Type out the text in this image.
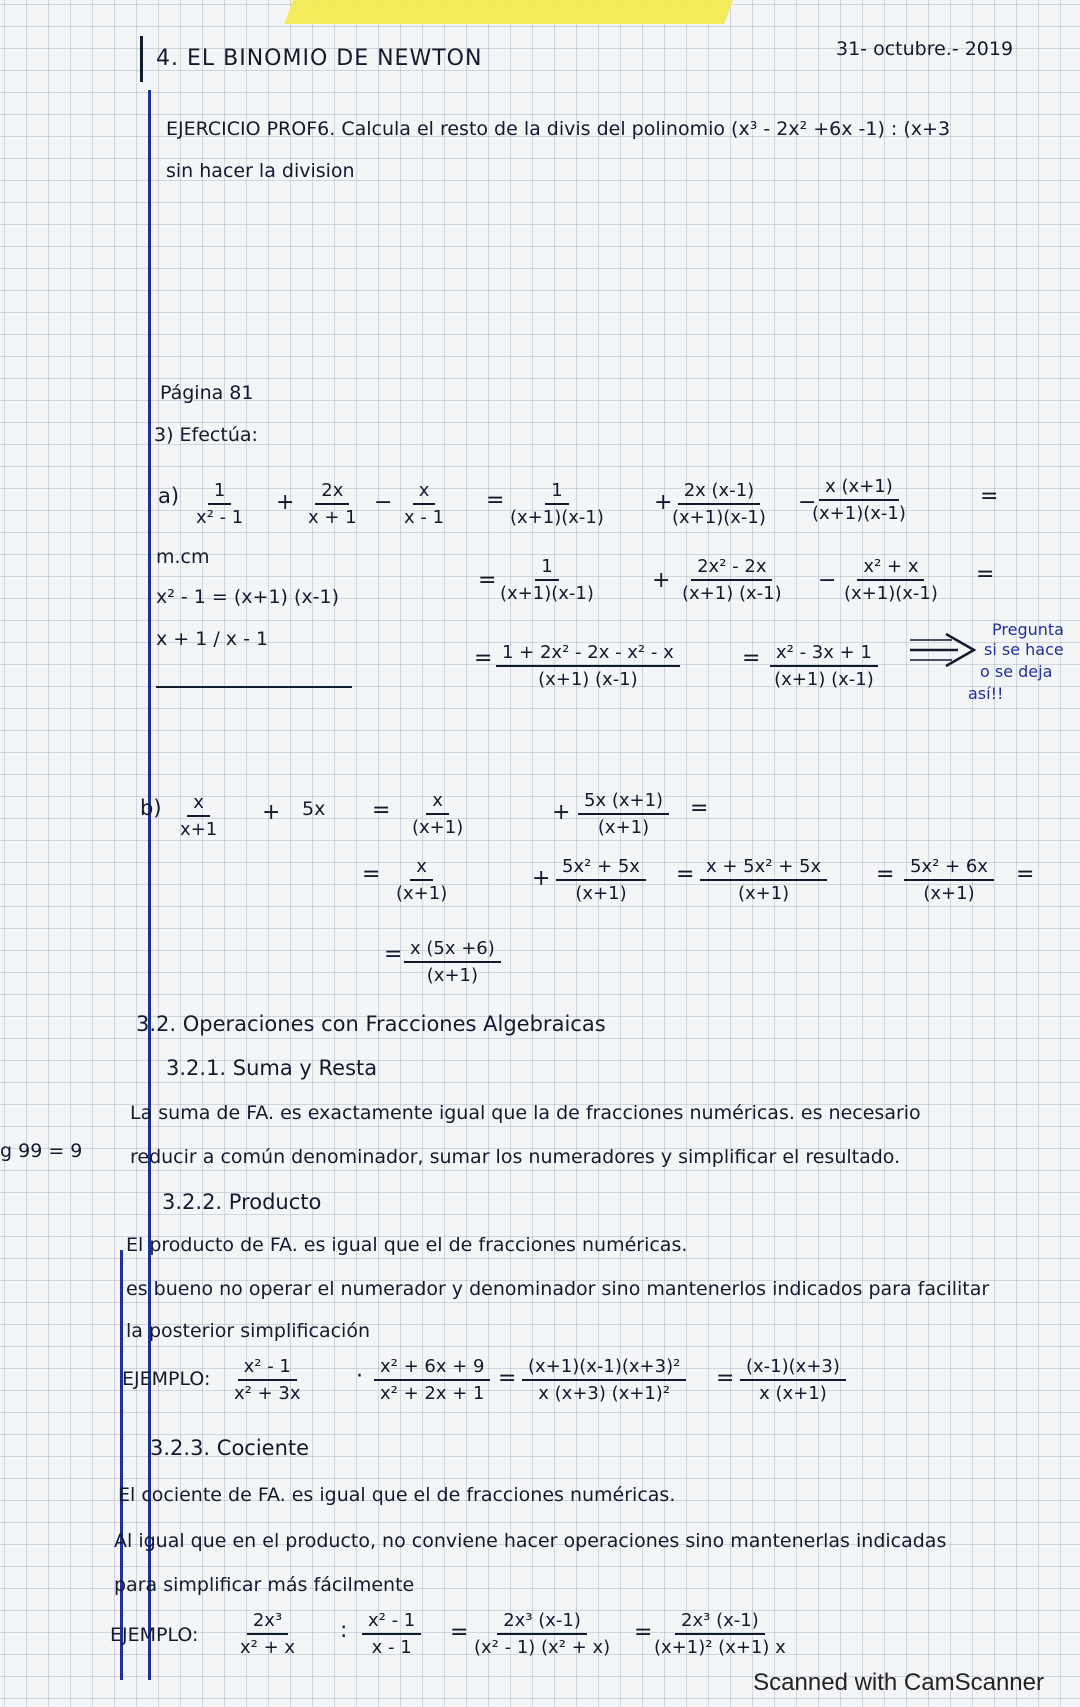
4. EL BINOMIO DE NEWTON	31- octubre.- 2019
EJERCICIO PROF6. Calcula el resto de la divis del polinomio (x³ - 2x² +6x -1) : (x+3
sin hacer la division
Página 81
3) Efectúa:
$a) \frac{1}{\text{x² - 1}} + \frac{2x}{x + 1} - \frac{x}{x - 1} = \frac{1}{(x+1)(x-1)} + \frac{2x (x-1)}{(x+1)(x-1)}$ −
$\frac{x (x+1)}{(x+1)(x-1)}$	=
m.cm
x² - 1 = (x+1) (x-1)
x + 1 / x - 1
= $\frac{1}{(x+1)(x-1)}$	+ $\frac{\text{2x² - 2x}}{(x+1) (x-1)} - \frac{\text{x² + x}}{(x+1)(x-1)}$ =
= $\frac{\text{1 + 2x² - 2x - x² - x}}{(x+1) (x-1)}$	= $\frac{\text{x² - 3x + 1}}{(x+1) (x-1)}$
Pregunta
si se hace
o se deja
así!!
$b) \frac{x}{x+1} + 5x = \frac{x}{(x+1)}$	+ $\frac{5x (x+1)}{(x+1)}$ =
= $\frac{x}{(x+1)}$	+ $\frac{\text{5x² + 5x}}{(x+1)} = \frac{\text{x + 5x² + 5x}}{(x+1)} = \frac{\text{5x² + 6x}}{(x+1)}$ =
= $\frac{x (5x +6)}{(x+1)}$
3.2. Operaciones con Fracciones Algebraicas
3.2.1. Suma y Resta
La suma de FA. es exactamente igual que la de fracciones numéricas. es necesario
reducir a común denominador, sumar los numeradores y simplificar el resultado.
g 99 = 9
3.2.2. Producto
El producto de FA. es igual que el de fracciones numéricas.
es bueno no operar el numerador y denominador sino mantenerlos indicados para facilitar
la posterior simplificación
EJEMPLO: $\frac{\text{x² - 1}}{\text{x² + 3x}}$	· $\frac{\text{x² + 6x + 9}}{\text{x² + 2x + 1}} = \frac{\text{(x+1)(x-1)(x+3)²}}{\text{x (x+3) (x+1)²}} = \frac{(x-1)(x+3)}{x (x+1)}$
3.2.3. Cociente
El cociente de FA. es igual que el de fracciones numéricas.
Al igual que en el producto, no conviene hacer operaciones sino mantenerlas indicadas
para simplificar más fácilmente
EJEMPLO: $\frac{\text{2x³}}{\text{x² + x}}$ : $\frac{\text{x² - 1}}{x - 1} = \frac{\text{2x³ (x-1)}}{\text{(x² - 1) (x² + x)}} = \frac{\text{2x³ (x-1)}}{\text{(x+1)² (x+1) x}}$
Scanned with CamScanner
